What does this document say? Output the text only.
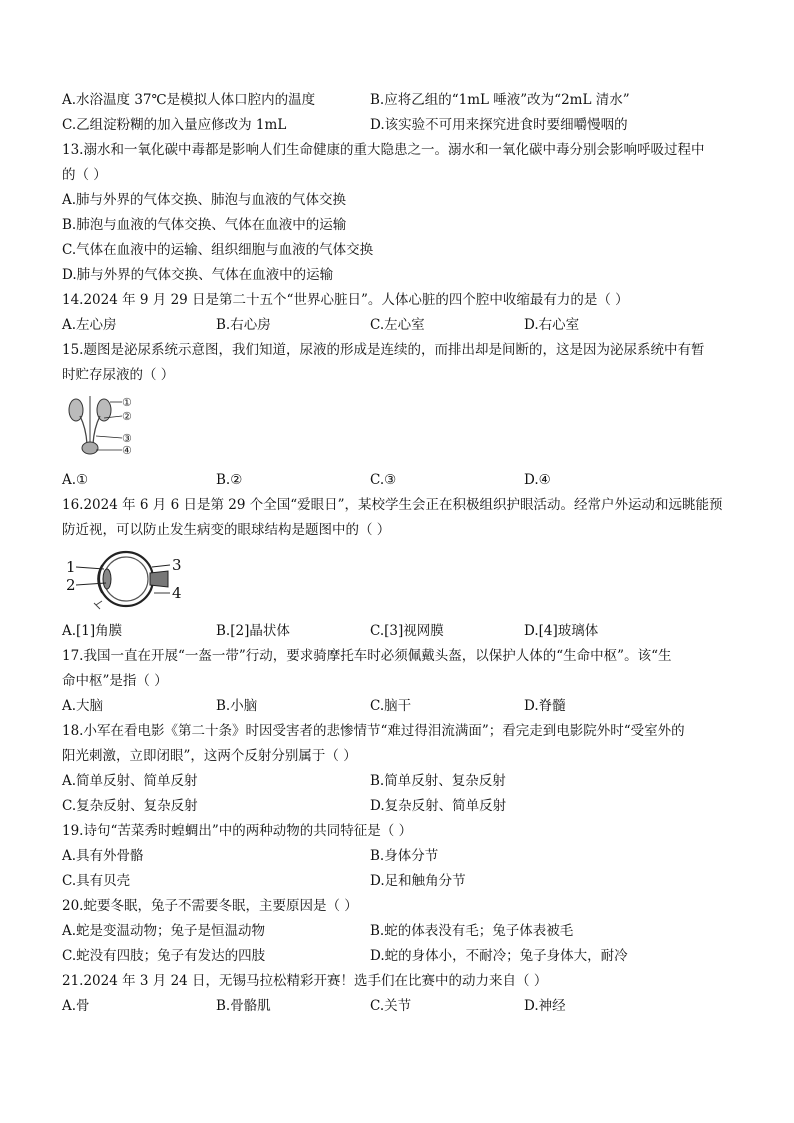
A.水浴温度 37℃是模拟人体口腔内的温度	B.应将乙组的“1mL 唾液”改为“2mL 清水”
C.乙组淀粉糊的加入量应修改为 1mL	D.该实验不可用来探究进食时要细嚼慢咽的
13.溺水和一氧化碳中毒都是影响人们生命健康的重大隐患之一。溺水和一氧化碳中毒分别会影响呼吸过程中
的（ ）
A.肺与外界的气体交换、肺泡与血液的气体交换
B.肺泡与血液的气体交换、气体在血液中的运输
C.气体在血液中的运输、组织细胞与血液的气体交换
D.肺与外界的气体交换、气体在血液中的运输
14.2024 年 9 月 29 日是第二十五个“世界心脏日”。人体心脏的四个腔中收缩最有力的是（ ）
A.左心房	B.右心房	C.左心室	D.右心室
15.题图是泌尿系统示意图，我们知道，尿液的形成是连续的，而排出却是间断的，这是因为泌尿系统中有暂
时贮存尿液的（ ）
①
②
③
④
A.①	B.②	C.③	D.④
16.2024 年 6 月 6 日是第 29 个全国“爱眼日”，某校学生会正在积极组织护眼活动。经常户外运动和远眺能预
防近视，可以防止发生病变的眼球结构是题图中的（ ）
1
2
3
4
A.[1]角膜	B.[2]晶状体	C.[3]视网膜	D.[4]玻璃体
17.我国一直在开展“一盔一带”行动，要求骑摩托车时必须佩戴头盔，以保护人体的“生命中枢”。该“生
命中枢”是指（ ）
A.大脑	B.小脑	C.脑干	D.脊髓
18.小军在看电影《第二十条》时因受害者的悲惨情节“难过得泪流满面”；看完走到电影院外时“受室外的
阳光刺激，立即闭眼”，这两个反射分别属于（ ）
A.简单反射、简单反射	B.简单反射、复杂反射
C.复杂反射、复杂反射	D.复杂反射、简单反射
19.诗句“苦菜秀时蝗蜩出”中的两种动物的共同特征是（ ）
A.具有外骨骼	B.身体分节
C.具有贝壳	D.足和触角分节
20.蛇要冬眠，兔子不需要冬眠，主要原因是（ ）
A.蛇是变温动物；兔子是恒温动物	B.蛇的体表没有毛；兔子体表被毛
C.蛇没有四肢；兔子有发达的四肢	D.蛇的身体小，不耐冷；兔子身体大，耐冷
21.2024 年 3 月 24 日，无锡马拉松精彩开赛！选手们在比赛中的动力来自（ ）
A.骨	B.骨骼肌	C.关节	D.神经
